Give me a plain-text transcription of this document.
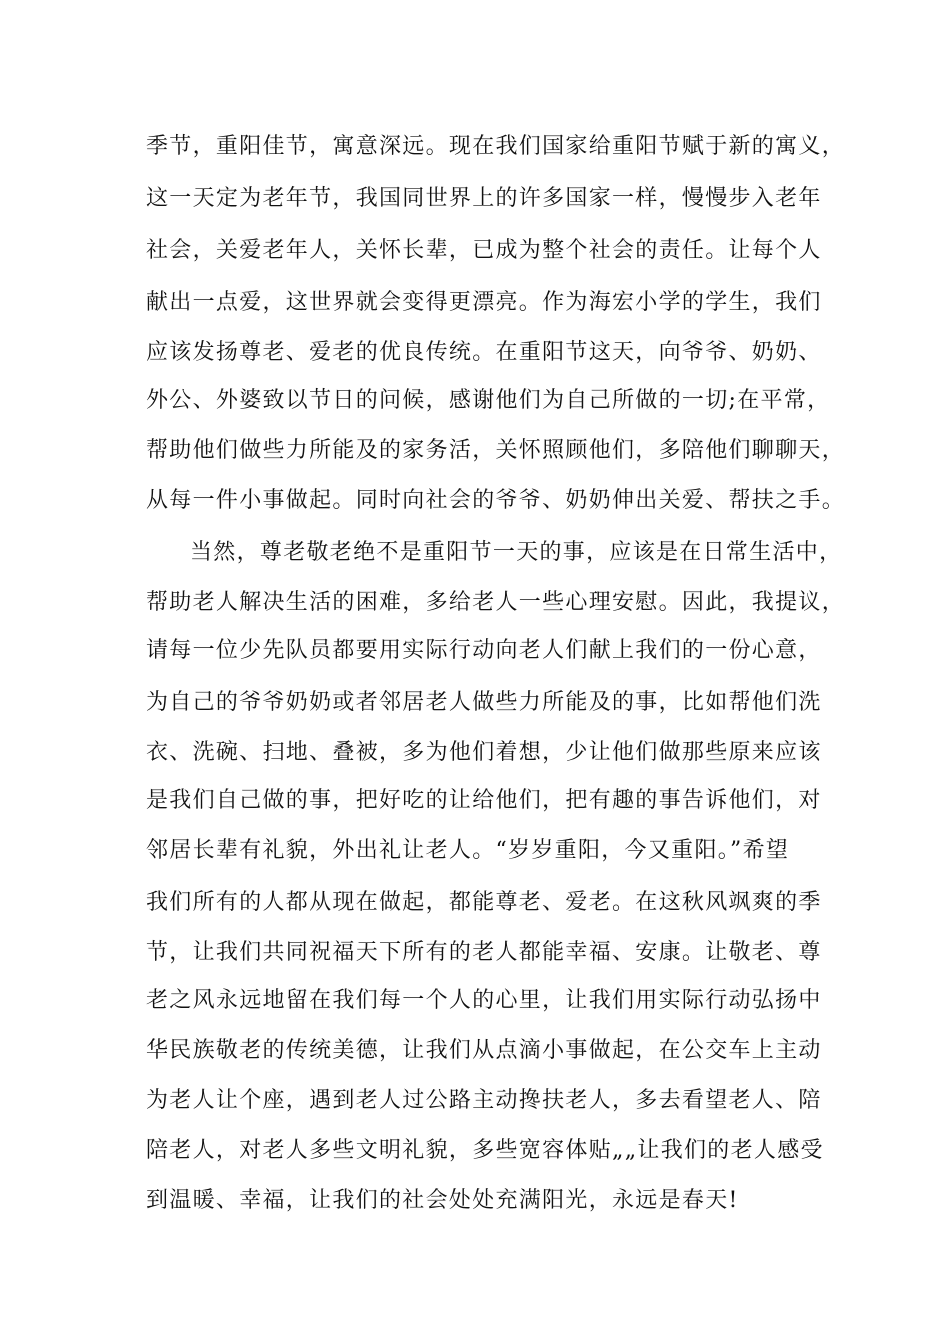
季节，重阳佳节，寓意深远。现在我们国家给重阳节赋于新的寓义，
这一天定为老年节，我国同世界上的许多国家一样，慢慢步入老年
社会，关爱老年人，关怀长辈，已成为整个社会的责任。让每个人
献出一点爱，这世界就会变得更漂亮。作为海宏小学的学生，我们
应该发扬尊老、爱老的优良传统。在重阳节这天，向爷爷、奶奶、
外公、外婆致以节日的问候，感谢他们为自己所做的一切;在平常，
帮助他们做些力所能及的家务活，关怀照顾他们，多陪他们聊聊天，
从每一件小事做起。同时向社会的爷爷、奶奶伸出关爱、帮扶之手。
当然，尊老敬老绝不是重阳节一天的事，应该是在日常生活中，
帮助老人解决生活的困难，多给老人一些心理安慰。因此，我提议，
请每一位少先队员都要用实际行动向老人们献上我们的一份心意，
为自己的爷爷奶奶或者邻居老人做些力所能及的事，比如帮他们洗
衣、洗碗、扫地、叠被，多为他们着想，少让他们做那些原来应该
是我们自己做的事，把好吃的让给他们，把有趣的事告诉他们，对
邻居长辈有礼貌，外出礼让老人。“岁岁重阳，今又重阳。”希望
我们所有的人都从现在做起，都能尊老、爱老。在这秋风飒爽的季
节，让我们共同祝福天下所有的老人都能幸福、安康。让敬老、尊
老之风永远地留在我们每一个人的心里，让我们用实际行动弘扬中
华民族敬老的传统美德，让我们从点滴小事做起，在公交车上主动
为老人让个座，遇到老人过公路主动搀扶老人，多去看望老人、陪
陪老人，对老人多些文明礼貌，多些宽容体贴„„让我们的老人感受
到温暖、幸福，让我们的社会处处充满阳光，永远是春天!
